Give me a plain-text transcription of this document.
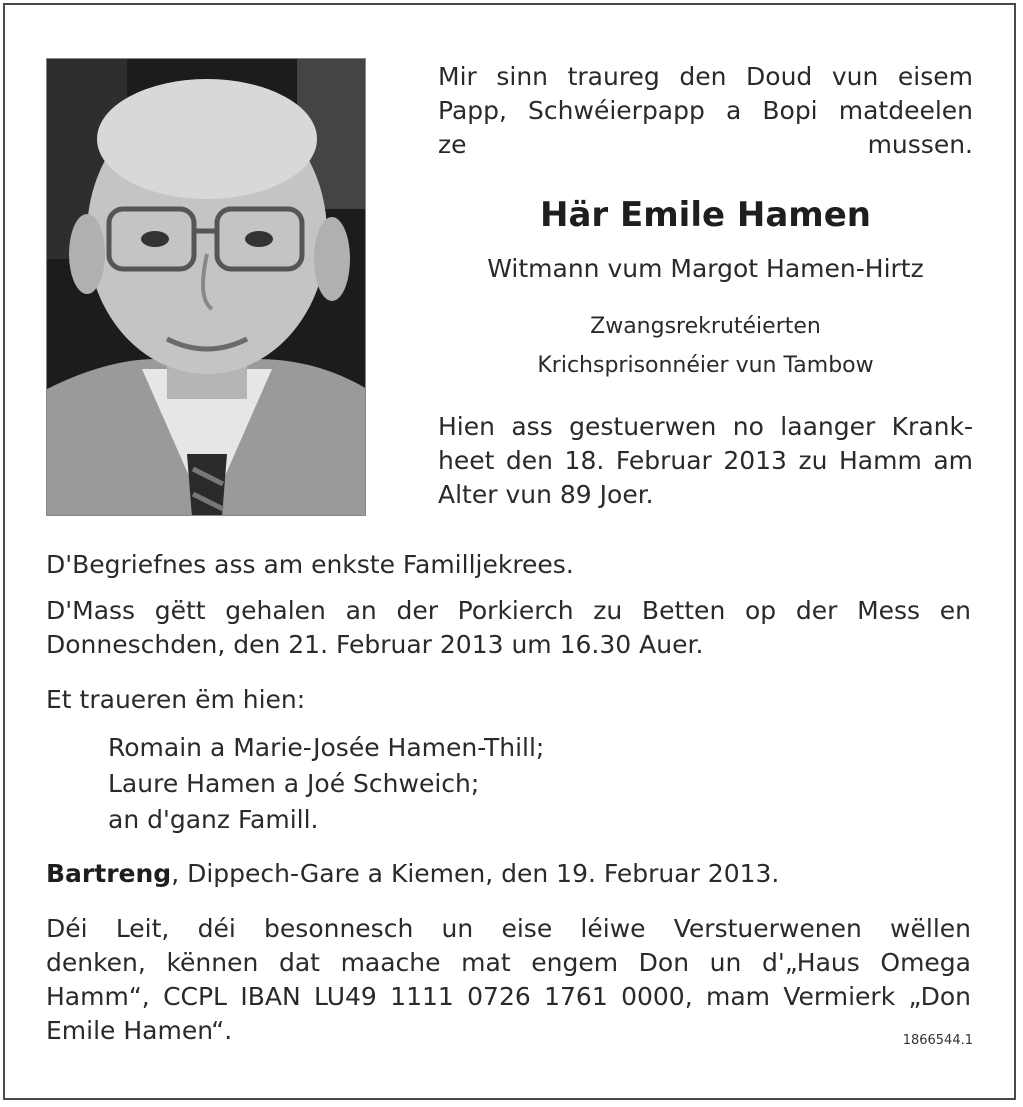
Mir sinn traureg den Doud vun eisem
Papp, Schwéierpapp a Bopi matdeelen
ze mussen.

Här Emile Hamen

Witmann vum Margot Hamen-Hirtz

Zwangsrekrutéierten

Krichsprisonnéier vun Tambow

Hien ass gestuerwen no laanger Krank-
heet den 18. Februar 2013 zu Hamm am
Alter vun 89 Joer.

D'Begriefnes ass am enkste Familljekrees.

D'Mass gëtt gehalen an der Porkierch zu Betten op der Mess en
Donneschden, den 21. Februar 2013 um 16.30 Auer.

Et traueren ëm hien:

Romain a Marie-Josée Hamen-Thill;

Laure Hamen a Joé Schweich;

an d'ganz Famill.

Bartreng, Dippech-Gare a Kiemen, den 19. Februar 2013.

Déi Leit, déi besonnesch un eise léiwe Verstuerwenen wëllen
denken, kënnen dat maache mat engem Don un d'„Haus Omega
Hamm“, CCPL IBAN LU49 1111 0726 1761 0000, mam Vermierk „Don
Emile Hamen“.	1866544.1
